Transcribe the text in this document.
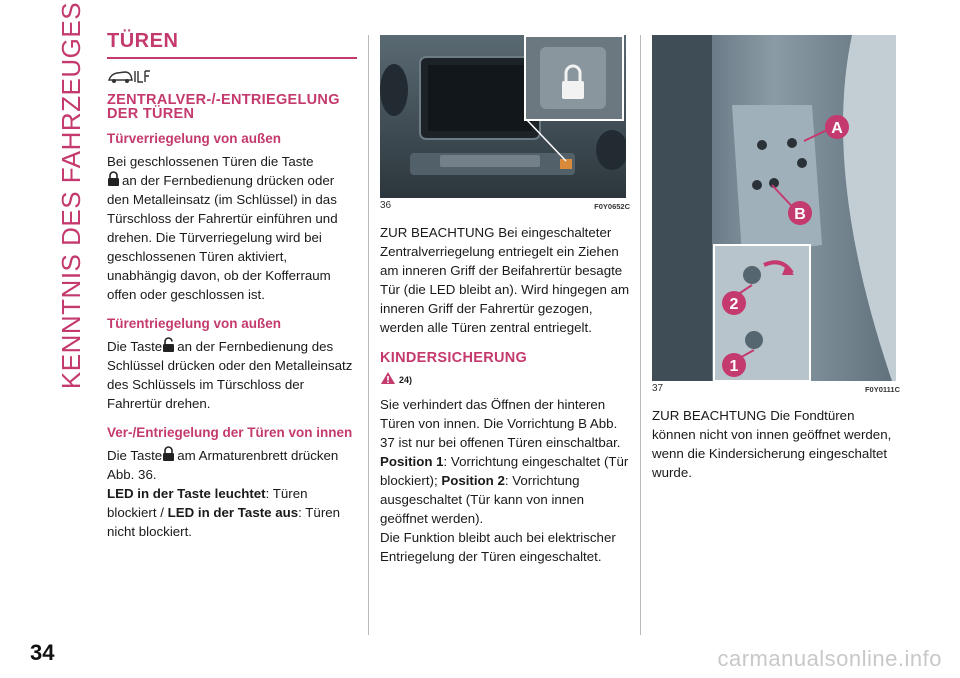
KENNTNIS DES FAHRZEUGES TÜREN
ZENTRALVER-/-ENTRIEGELUNG DER TÜREN
Türverriegelung von außen

Bei geschlossenen Türen die Taste
an der Fernbedienung drücken oder den Metalleinsatz (im Schlüssel) in das Türschloss der Fahrertür einführen und drehen. Die Türverriegelung wird bei geschlossenen Türen aktiviert, unabhängig davon, ob der Kofferraum offen oder geschlossen ist.

Türentriegelung von außen

Die Taste an der Fernbedienung des Schlüssel drücken oder den Metalleinsatz des Schlüssels im Türschloss der Fahrertür drehen.

Ver-/Entriegelung der Türen von innen

Die Taste am Armaturenbrett drücken Abb. 36.

LED in der Taste leuchtet: Türen blockiert / LED in der Taste aus: Türen nicht blockiert.

36	F0Y0652C

ZUR BEACHTUNG Bei eingeschalteter Zentralverriegelung entriegelt ein Ziehen am inneren Griff der Beifahrertür besagte Tür (die LED bleibt an). Wird hingegen am inneren Griff der Fahrertür gezogen, werden alle Türen zentral entriegelt.

KINDERSICHERUNG
24)

Sie verhindert das Öffnen der hinteren Türen von innen. Die Vorrichtung B Abb. 37 ist nur bei offenen Türen einschaltbar.

Position 1: Vorrichtung eingeschaltet (Tür blockiert); Position 2: Vorrichtung ausgeschaltet (Tür kann von innen geöffnet werden).

Die Funktion bleibt auch bei elektrischer Entriegelung der Türen eingeschaltet.

A
B
2
1
37	F0Y0111C

ZUR BEACHTUNG Die Fondtüren können nicht von innen geöffnet werden, wenn die Kindersicherung eingeschaltet wurde.

34	carmanualsonline.info
